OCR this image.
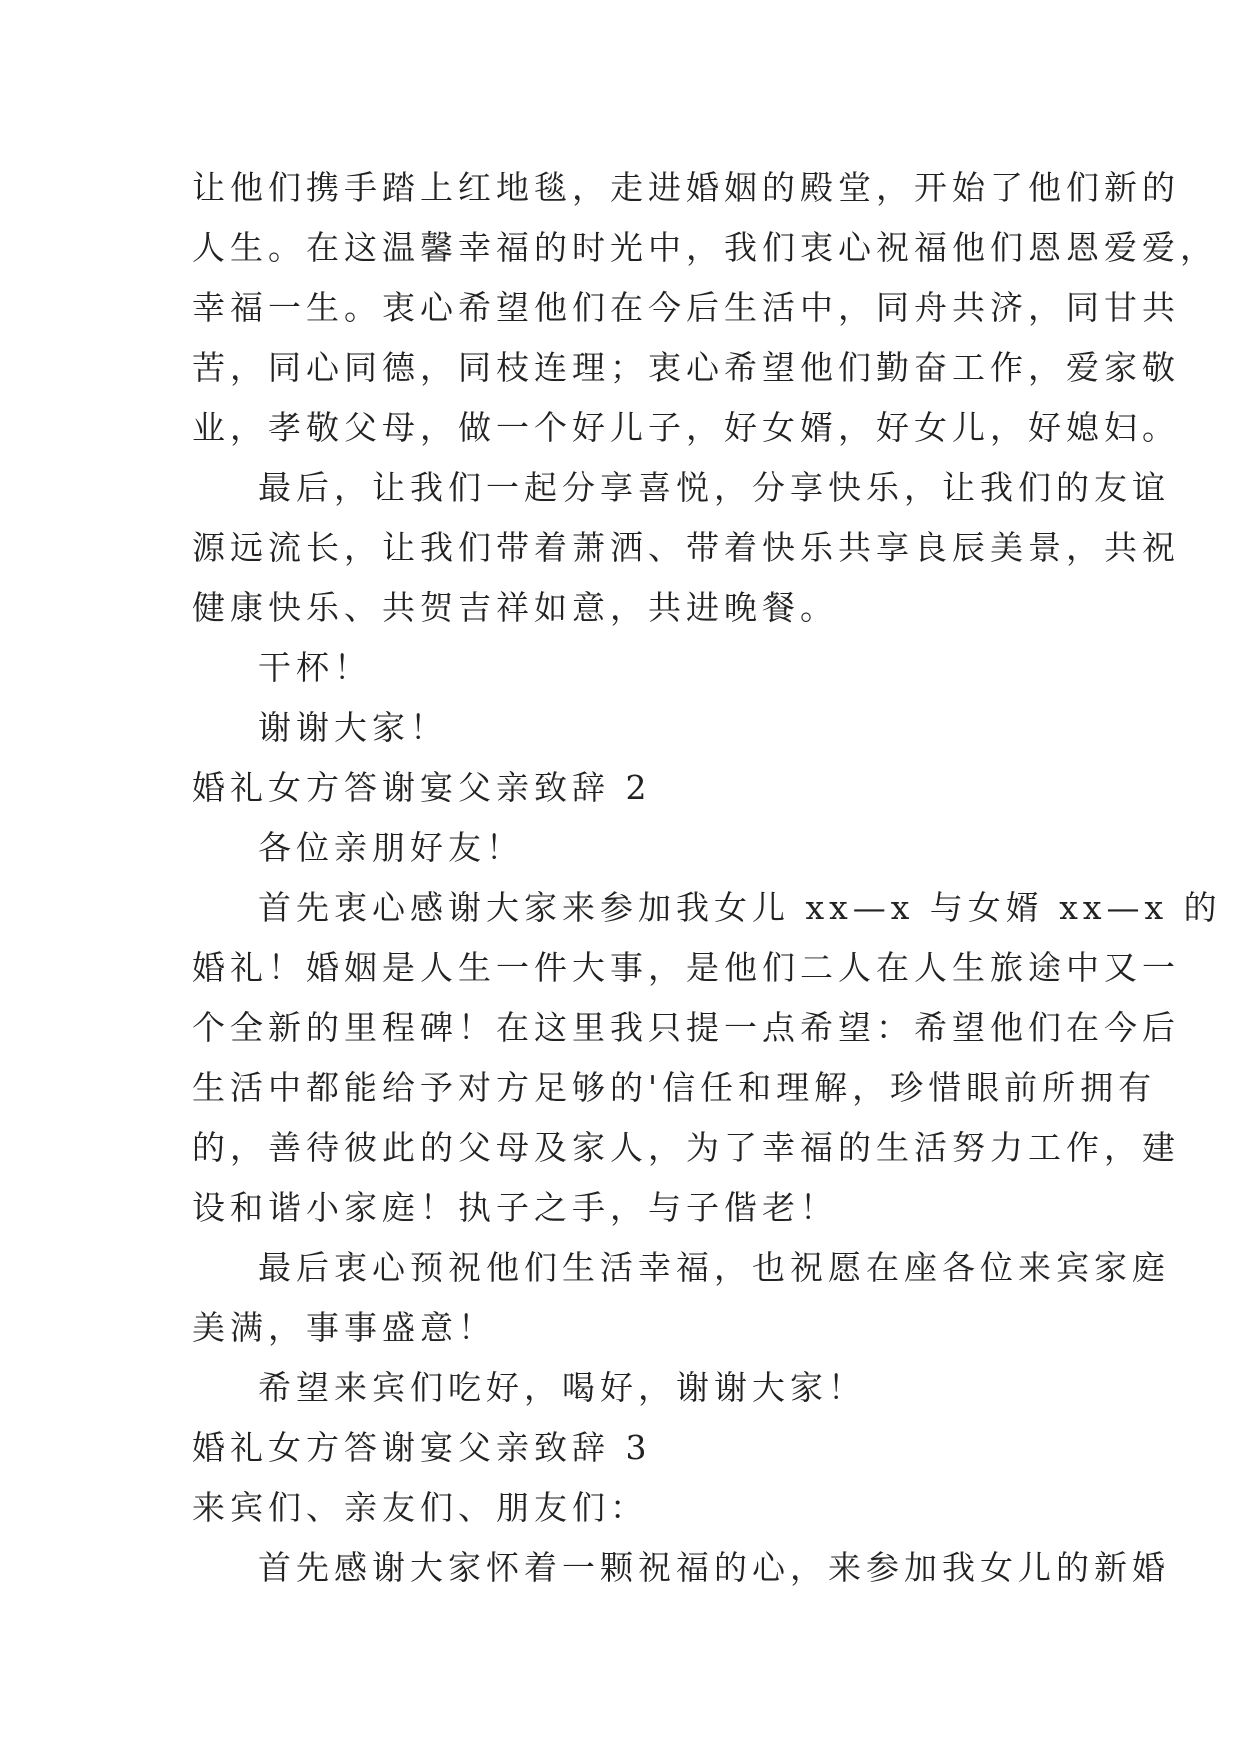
让他们携手踏上红地毯，走进婚姻的殿堂，开始了他们新的
人生。在这温馨幸福的时光中，我们衷心祝福他们恩恩爱爱，
幸福一生。衷心希望他们在今后生活中，同舟共济，同甘共
苦，同心同德，同枝连理；衷心希望他们勤奋工作，爱家敬
业，孝敬父母，做一个好儿子，好女婿，好女儿，好媳妇。
最后，让我们一起分享喜悦，分享快乐，让我们的友谊
源远流长，让我们带着萧洒、带着快乐共享良辰美景，共祝
健康快乐、共贺吉祥如意，共进晚餐。
干杯！
谢谢大家！
婚礼女方答谢宴父亲致辞 2
各位亲朋好友！
首先衷心感谢大家来参加我女儿 xx—x 与女婿 xx—x 的
婚礼！婚姻是人生一件大事，是他们二人在人生旅途中又一
个全新的里程碑！在这里我只提一点希望：希望他们在今后
生活中都能给予对方足够的'信任和理解，珍惜眼前所拥有
的，善待彼此的父母及家人，为了幸福的生活努力工作，建
设和谐小家庭！执子之手，与子偕老！
最后衷心预祝他们生活幸福，也祝愿在座各位来宾家庭
美满，事事盛意！
希望来宾们吃好，喝好，谢谢大家！
婚礼女方答谢宴父亲致辞 3
来宾们、亲友们、朋友们：
首先感谢大家怀着一颗祝福的心，来参加我女儿的新婚
